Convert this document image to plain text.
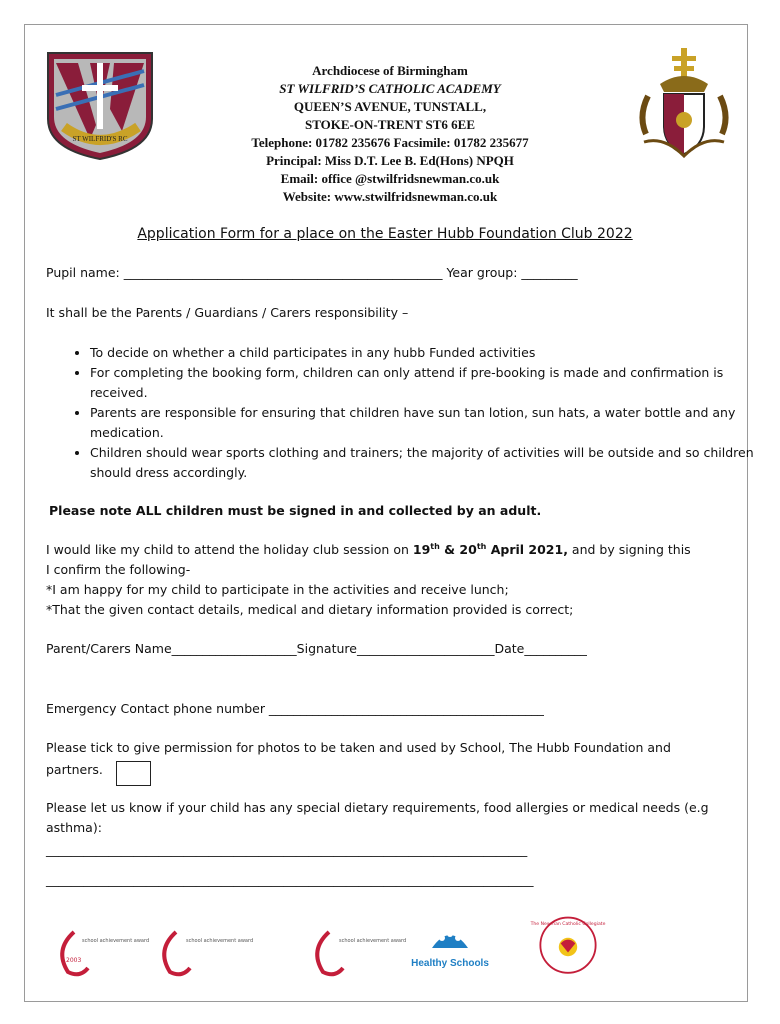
ST WILFRID'S RC
Archdiocese of Birmingham
ST WILFRID’S CATHOLIC ACADEMY
QUEEN’S AVENUE, TUNSTALL,
STOKE-ON-TRENT ST6 6EE
Telephone: 01782 235676 Facsimile: 01782 235677
Principal: Miss D.T. Lee B. Ed(Hons) NPQH
Email: office @stwilfridsnewman.co.uk
Website: www.stwilfridsnewman.co.uk
Application Form for a place on the Easter Hubb Foundation Club 2022
Pupil name: ___________________________________________________ Year group: _________
It shall be the Parents / Guardians / Carers responsibility –
• To decide on whether a child participates in any hubb Funded activities
• For completing the booking form, children can only attend if pre-booking is made and confirmation is received.
• Parents are responsible for ensuring that children have sun tan lotion, sun hats, a water bottle and any medication.
• Children should wear sports clothing and trainers; the majority of activities will be outside and so children should dress accordingly.
Please note ALL children must be signed in and collected by an adult.
I would like my child to attend the holiday club session on 19th & 20th April 2021, and by signing this
I confirm the following-
*I am happy for my child to participate in the activities and receive lunch;
*That the given contact details, medical and dietary information provided is correct;
Parent/Carers Name____________________Signature______________________Date__________
Emergency Contact phone number ____________________________________________
Please tick to give permission for photos to be taken and used by School, The Hubb Foundation and
partners.
Please let us know if your child has any special dietary requirements, food allergies or medical needs (e.g
asthma):
_____________________________________________________________________________
______________________________________________________________________________
2003
school achievement award	school achievement award	school achievement award
Healthy Schools
The Newman Catholic Collegiate
